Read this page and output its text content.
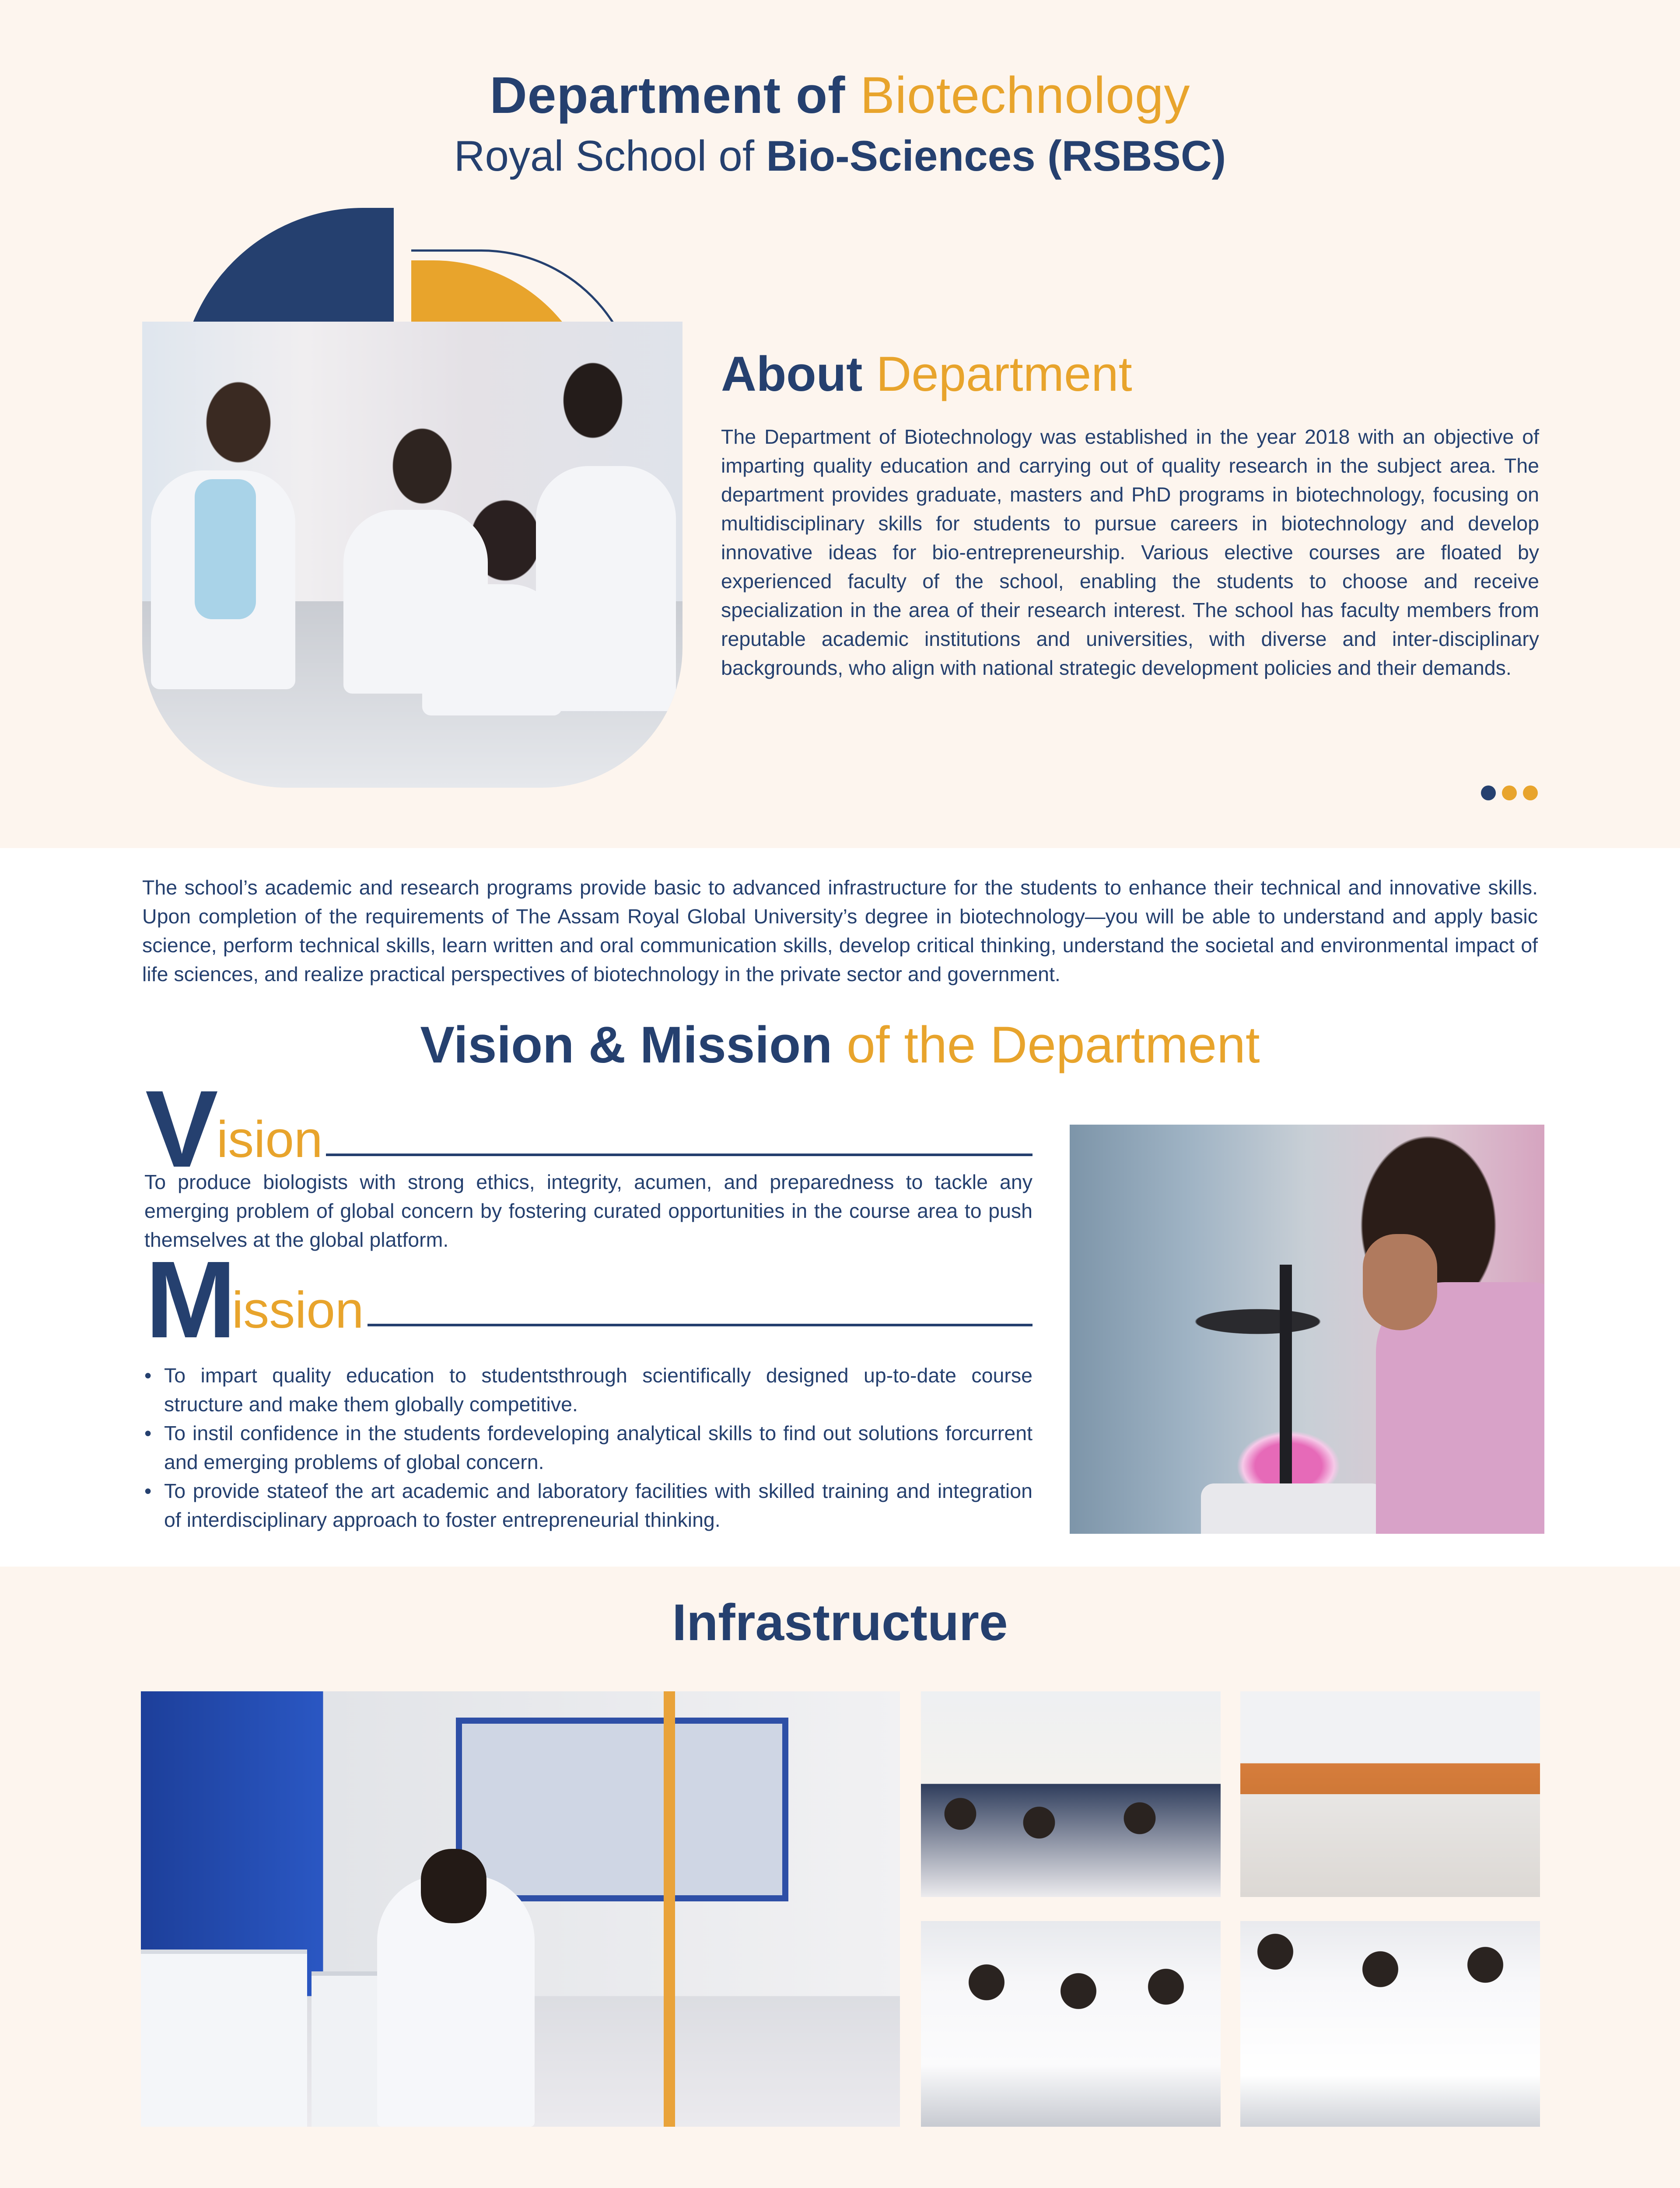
Department of Biotechnology
Royal School of Bio-Sciences (RSBSC)
About Department

The Department of Biotechnology was established in the year 2018 with an objective of imparting quality education and carrying out of quality research in the subject area. The department provides graduate, masters and PhD programs in biotechnology, focusing on multidisciplinary skills for students to pursue careers in biotechnology and develop innovative ideas for bio-entrepreneurship. Various elective courses are floated by experienced faculty of the school, enabling the students to choose and receive specialization in the area of their research interest. The school has faculty members from reputable academic institutions and universities, with diverse and inter-disciplinary backgrounds, who align with national strategic development policies and their demands.

The school’s academic and research programs provide basic to advanced infrastructure for the students to enhance their technical and innovative skills. Upon completion of the requirements of The Assam Royal Global University’s degree in biotechnology—you will be able to understand and apply basic science, perform technical skills, learn written and oral communication skills, develop critical thinking, understand the societal and environmental impact of life sciences, and realize practical perspectives of biotechnology in the private sector and government.

Vision & Mission of the Department
V
ision

To produce biologists with strong ethics, integrity, acumen, and preparedness to tackle any emerging problem of global concern by fostering curated opportunities in the course area to push themselves at the global platform.

M
ission
• To impart quality education to studentsthrough scientifically designed up-to-date course structure and make them globally competitive.
• To instil confidence in the students fordeveloping analytical skills to find out solutions forcurrent and emerging problems of global concern.
• To provide stateof the art academic and laboratory facilities with skilled training and integration of interdisciplinary approach to foster entrepreneurial thinking.
Infrastructure
